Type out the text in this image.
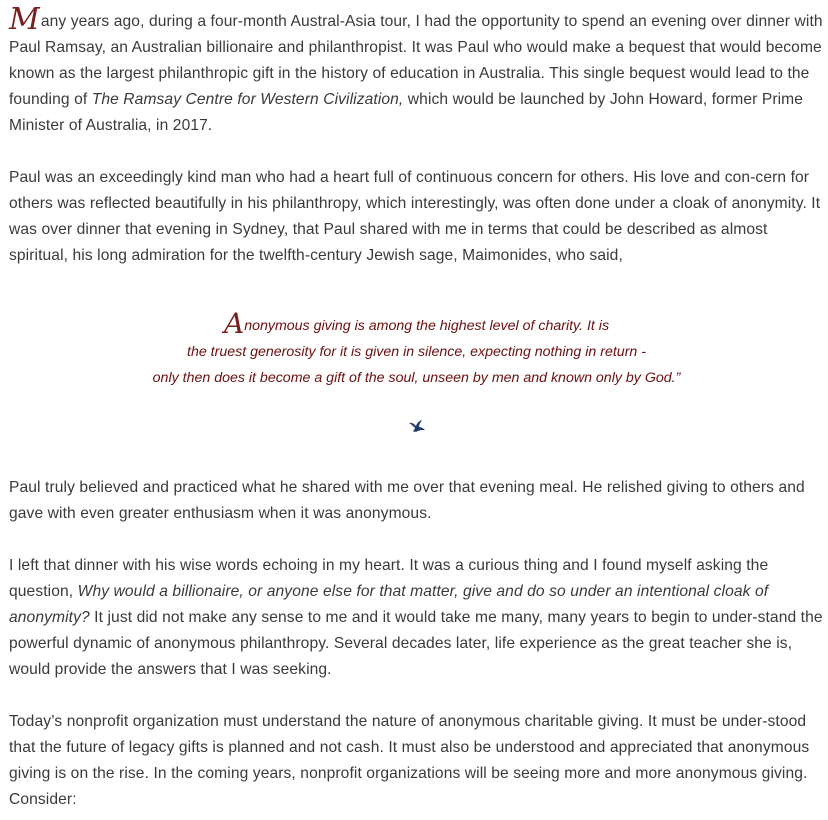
Many years ago, during a four-month Austral-Asia tour, I had the opportunity to spend an evening over dinner with Paul Ramsay, an Australian billionaire and philanthropist. It was Paul who would make a bequest that would become known as the largest philanthropic gift in the history of education in Australia. This single bequest would lead to the founding of The Ramsay Centre for Western Civilization, which would be launched by John Howard, former Prime Minister of Australia, in 2017.

Paul was an exceedingly kind man who had a heart full of continuous concern for others. His love and con-cern for others was reflected beautifully in his philanthropy, which interestingly, was often done under a cloak of anonymity. It was over dinner that evening in Sydney, that Paul shared with me in terms that could be described as almost spiritual, his long admiration for the twelfth-century Jewish sage, Maimonides, who said,

Anonymous giving is among the highest level of charity. It is
the truest generosity for it is given in silence, expecting nothing in return -
only then does it become a gift of the soul, unseen by men and known only by God.”

Paul truly believed and practiced what he shared with me over that evening meal. He relished giving to others and gave with even greater enthusiasm when it was anonymous.

I left that dinner with his wise words echoing in my heart. It was a curious thing and I found myself asking the question, Why would a billionaire, or anyone else for that matter, give and do so under an intentional cloak of anonymity? It just did not make any sense to me and it would take me many, many years to begin to under-stand the powerful dynamic of anonymous philanthropy. Several decades later, life experience as the great teacher she is, would provide the answers that I was seeking.

Today’s nonprofit organization must understand the nature of anonymous charitable giving. It must be under-stood that the future of legacy gifts is planned and not cash. It must also be understood and appreciated that anonymous giving is on the rise. In the coming years, nonprofit organizations will be seeing more and more anonymous giving. Consider:
